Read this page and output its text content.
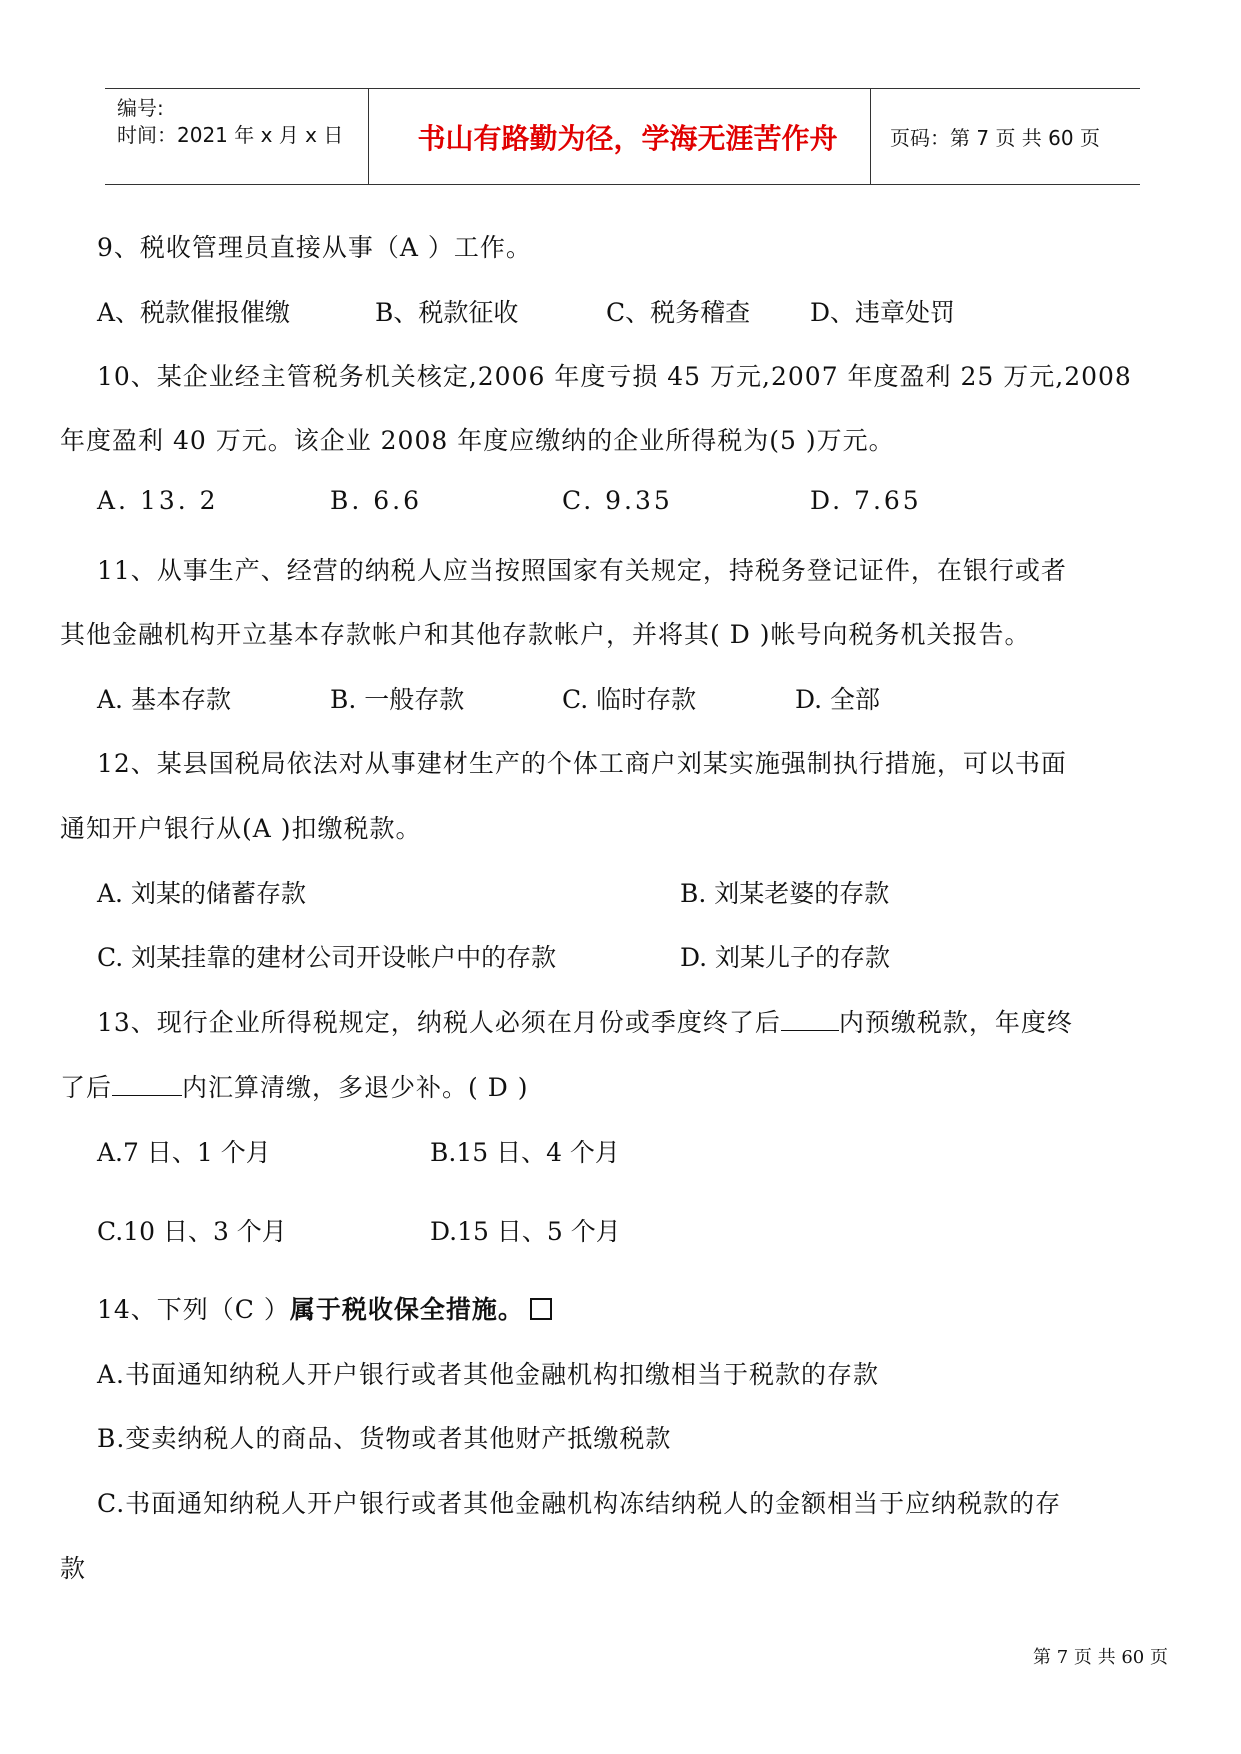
编号:
时间：2021 年 x 月 x 日	书山有路勤为径，学海无涯苦作舟	页码：第 7 页 共 60 页
9、税收管理员直接从事（A ）工作。
A、税款催报催缴	B、税款征收	C、税务稽查 D、违章处罚
10、某企业经主管税务机关核定,2006 年度亏损 45 万元,2007 年度盈利 25 万元,2008
年度盈利 40 万元。该企业 2008 年度应缴纳的企业所得税为(5 )万元。
A. 13. 2	B. 6.6	C. 9.35	D. 7.65
11、从事生产、经营的纳税人应当按照国家有关规定，持税务登记证件，在银行或者
其他金融机构开立基本存款帐户和其他存款帐户，并将其( D )帐号向税务机关报告。
A. 基本存款	B. 一般存款	C. 临时存款	D. 全部
12、某县国税局依法对从事建材生产的个体工商户刘某实施强制执行措施，可以书面
通知开户银行从(A )扣缴税款。
A. 刘某的储蓄存款	B. 刘某老婆的存款
C. 刘某挂靠的建材公司开设帐户中的存款	D. 刘某儿子的存款
13、现行企业所得税规定，纳税人必须在月份或季度终了后 内预缴税款，年度终
了后	内汇算清缴，多退少补。( D )
A.7 日、1 个月	B.15 日、4 个月
C.10 日、3 个月	D.15 日、5 个月
14、下列（C ）属于税收保全措施。
A.书面通知纳税人开户银行或者其他金融机构扣缴相当于税款的存款
B.变卖纳税人的商品、货物或者其他财产抵缴税款
C.书面通知纳税人开户银行或者其他金融机构冻结纳税人的金额相当于应纳税款的存
款
第 7 页 共 60 页
